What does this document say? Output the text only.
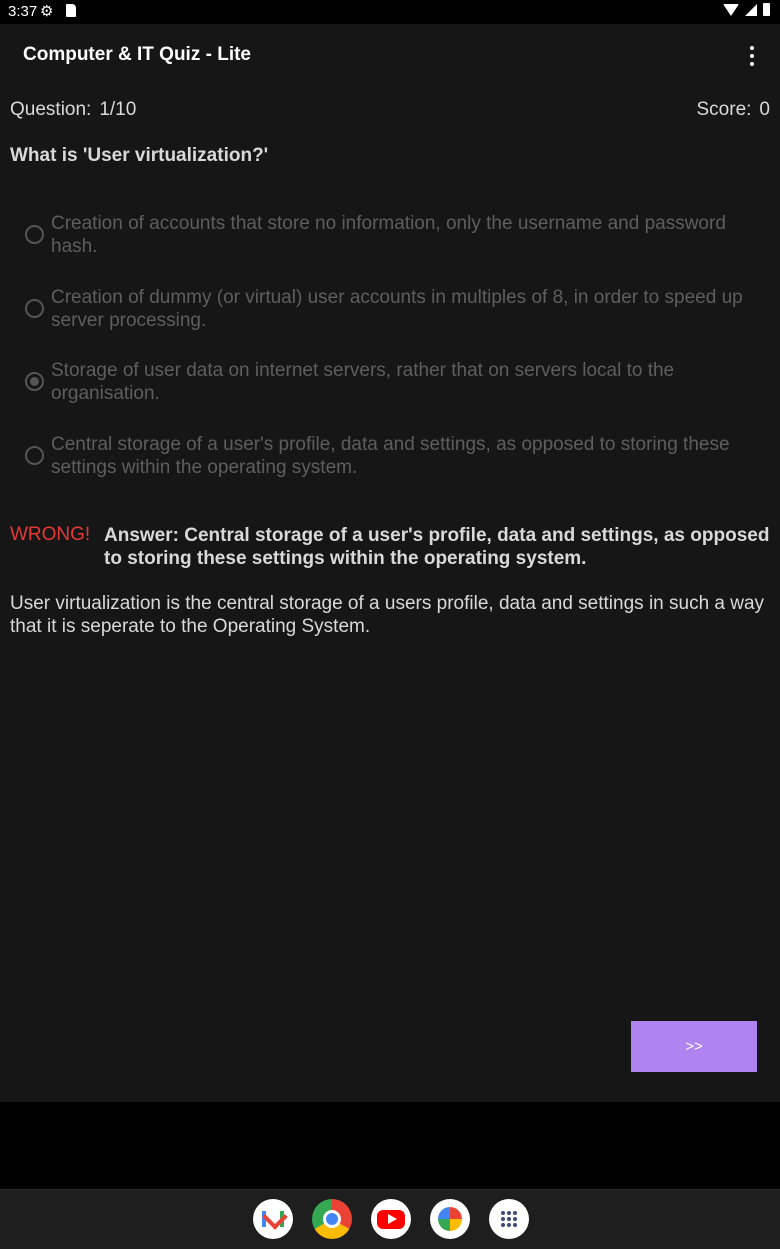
3:37 ⚙
Computer & IT Quiz - Lite
Question: 1/10	Score: 0
What is 'User virtualization?'
Creation of accounts that store no information, only the username and password hash.
Creation of dummy (or virtual) user accounts in multiples of 8, in order to speed up server processing.
Storage of user data on internet servers, rather that on servers local to the organisation.
Central storage of a user's profile, data and settings, as opposed to storing these settings within the operating system.
WRONG! Answer: Central storage of a user's profile, data and settings, as opposed to storing these settings within the operating system.
User virtualization is the central storage of a users profile, data and settings in such a way that it is seperate to the Operating System.
>>
